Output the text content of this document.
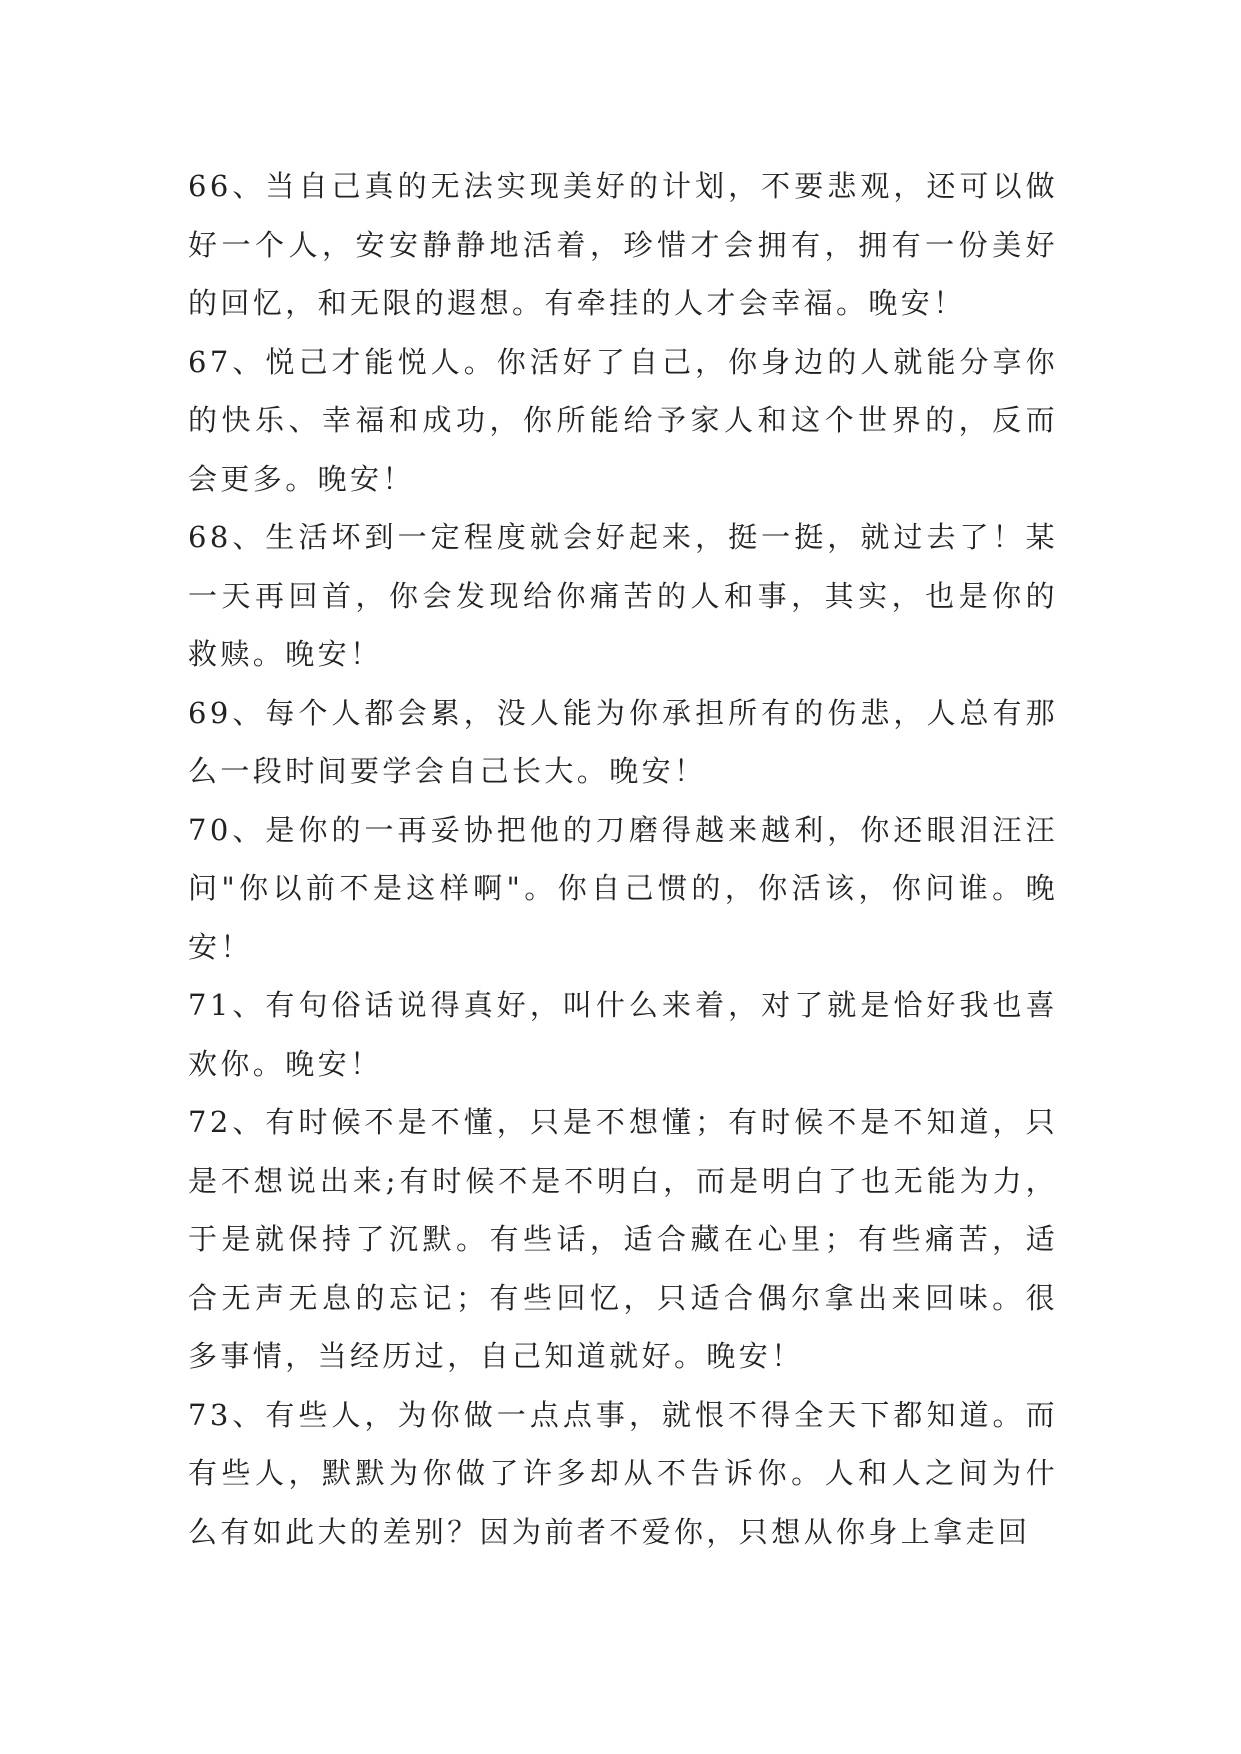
66、当自己真的无法实现美好的计划，不要悲观，还可以做好一个人，安安静静地活着，珍惜才会拥有，拥有一份美好的回忆，和无限的遐想。有牵挂的人才会幸福。晚安！

67、悦己才能悦人。你活好了自己，你身边的人就能分享你的快乐、幸福和成功，你所能给予家人和这个世界的，反而会更多。晚安！

68、生活坏到一定程度就会好起来，挺一挺，就过去了！某一天再回首，你会发现给你痛苦的人和事，其实，也是你的救赎。晚安！

69、每个人都会累，没人能为你承担所有的伤悲，人总有那么一段时间要学会自己长大。晚安！

70、是你的一再妥协把他的刀磨得越来越利，你还眼泪汪汪问"你以前不是这样啊"。你自己惯的，你活该，你问谁。晚安！

71、有句俗话说得真好，叫什么来着，对了就是恰好我也喜欢你。晚安！

72、有时候不是不懂，只是不想懂；有时候不是不知道，只是不想说出来;有时候不是不明白，而是明白了也无能为力，于是就保持了沉默。有些话，适合藏在心里；有些痛苦，适合无声无息的忘记；有些回忆，只适合偶尔拿出来回味。很多事情，当经历过，自己知道就好。晚安！

73、有些人，为你做一点点事，就恨不得全天下都知道。而有些人，默默为你做了许多却从不告诉你。人和人之间为什么有如此大的差别？因为前者不爱你，只想从你身上拿走回
